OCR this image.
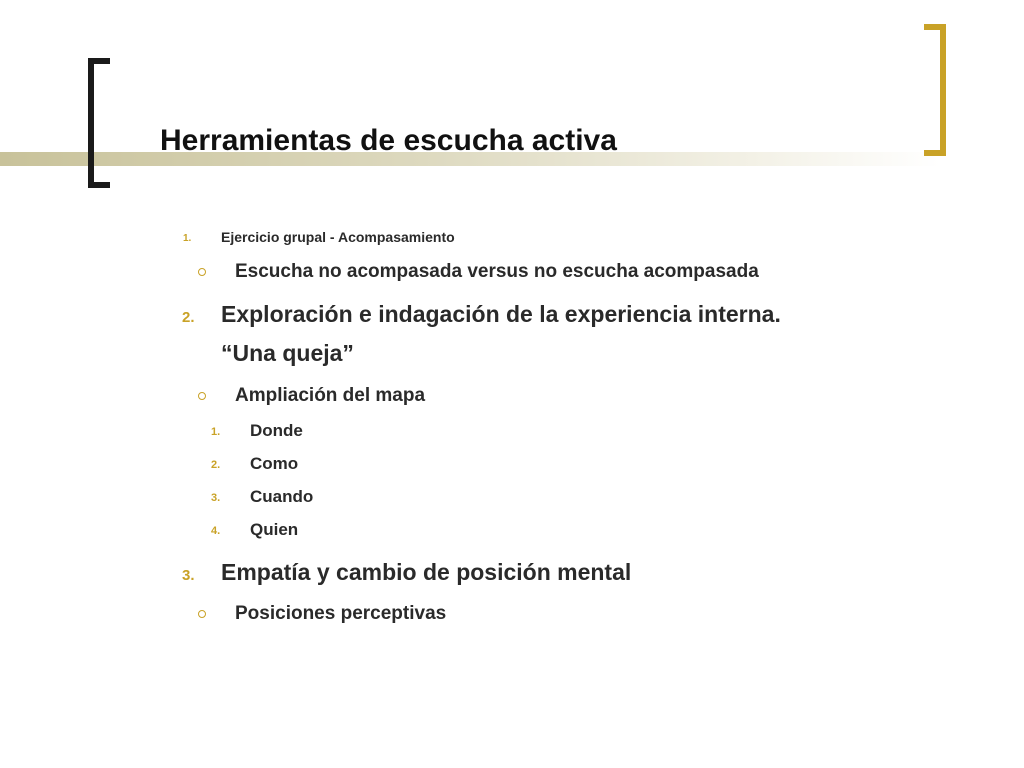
Herramientas de escucha activa
1. Ejercicio grupal - Acompasamiento
Escucha no acompasada versus no escucha acompasada
2. Exploración e indagación de la experiencia interna.
“Una queja”
Ampliación del mapa
1. Donde
2. Como
3. Cuando
4. Quien
3. Empatía y cambio de posición mental
Posiciones perceptivas
